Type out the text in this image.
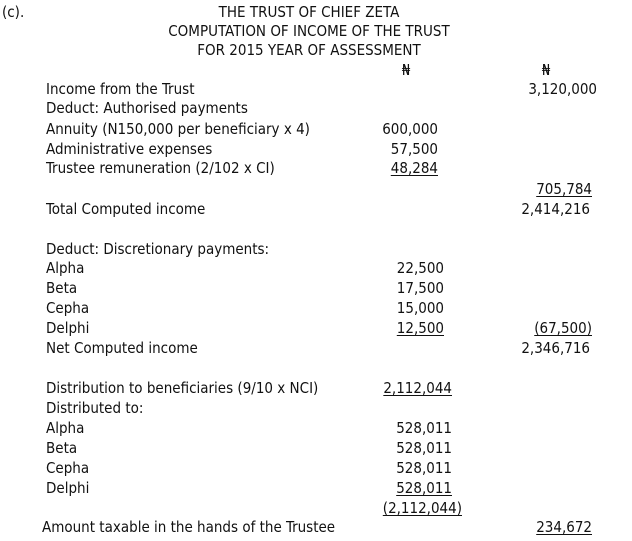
(c).	THE TRUST OF CHIEF ZETA
COMPUTATION OF INCOME OF THE TRUST
FOR 2015 YEAR OF ASSESSMENT
₦	₦
Income from the Trust
Deduct: Authorised payments
Annuity (N150,000 per beneficiary x 4)
Administrative expenses
Trustee remuneration (2/102 x CI)
Total Computed income
Deduct: Discretionary payments:
Alpha
Beta
Cepha
Delphi
Net Computed income
Distribution to beneficiaries (9/10 x NCI)
Distributed to:
Alpha
Beta
Cepha
Delphi
Amount taxable in the hands of the Trustee
600,000
57,500
48,284
22,500
17,500
15,000
12,500
2,112,044
528,011
528,011
528,011
528,011
(2,112,044)
3,120,000
705,784
2,414,216
(67,500)
2,346,716
234,672
